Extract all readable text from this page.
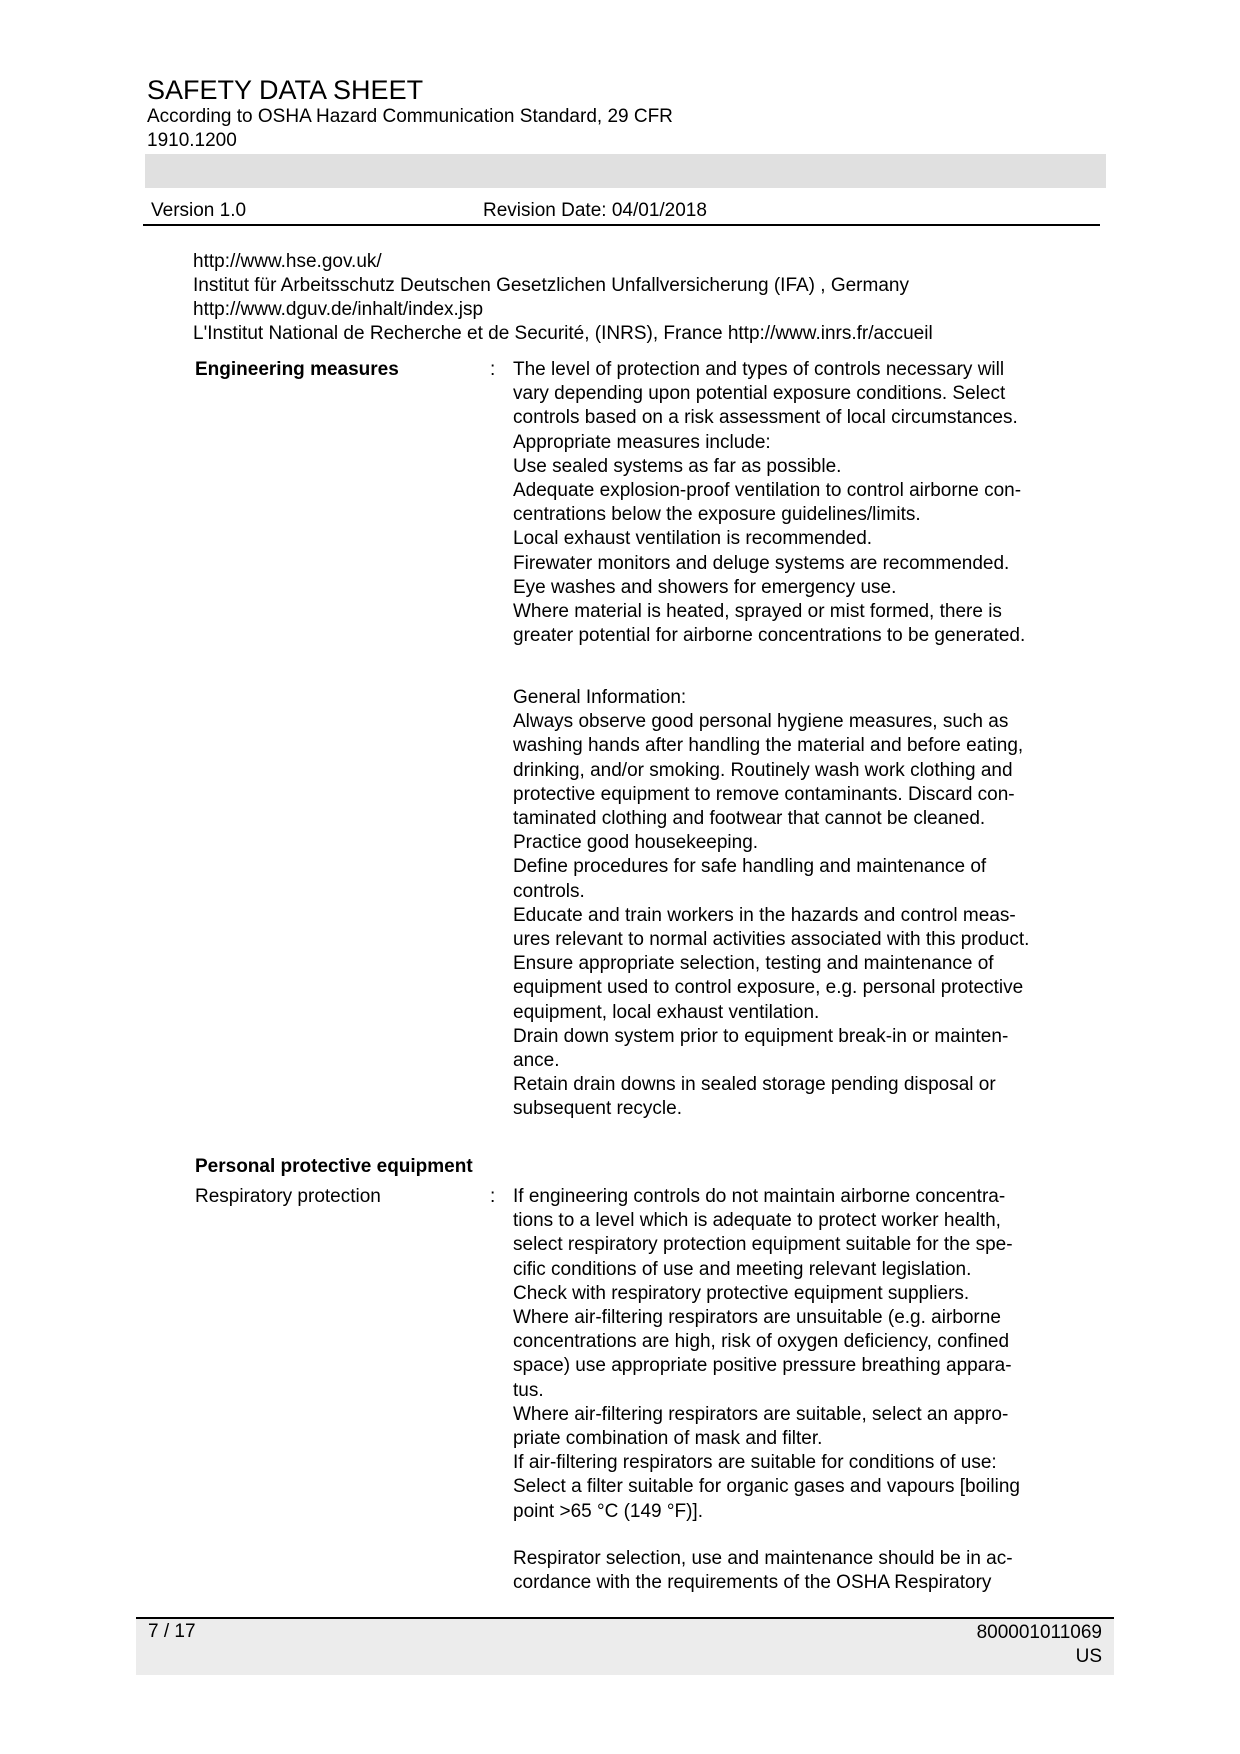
SAFETY DATA SHEET
According to OSHA Hazard Communication Standard, 29 CFR
1910.1200
Version 1.0	Revision Date: 04/01/2018
http://www.hse.gov.uk/
Institut für Arbeitsschutz Deutschen Gesetzlichen Unfallversicherung (IFA) , Germany
http://www.dguv.de/inhalt/index.jsp
L'Institut National de Recherche et de Securité, (INRS), France http://www.inrs.fr/accueil
Engineering measures	: The level of protection and types of controls necessary will
vary depending upon potential exposure conditions. Select
controls based on a risk assessment of local circumstances.
Appropriate measures include:
Use sealed systems as far as possible.
Adequate explosion-proof ventilation to control airborne con-
centrations below the exposure guidelines/limits.
Local exhaust ventilation is recommended.
Firewater monitors and deluge systems are recommended.
Eye washes and showers for emergency use.
Where material is heated, sprayed or mist formed, there is
greater potential for airborne concentrations to be generated.
General Information:
Always observe good personal hygiene measures, such as
washing hands after handling the material and before eating,
drinking, and/or smoking. Routinely wash work clothing and
protective equipment to remove contaminants. Discard con-
taminated clothing and footwear that cannot be cleaned.
Practice good housekeeping.
Define procedures for safe handling and maintenance of
controls.
Educate and train workers in the hazards and control meas-
ures relevant to normal activities associated with this product.
Ensure appropriate selection, testing and maintenance of
equipment used to control exposure, e.g. personal protective
equipment, local exhaust ventilation.
Drain down system prior to equipment break-in or mainten-
ance.
Retain drain downs in sealed storage pending disposal or
subsequent recycle.
Personal protective equipment
Respiratory protection	: If engineering controls do not maintain airborne concentra-
tions to a level which is adequate to protect worker health,
select respiratory protection equipment suitable for the spe-
cific conditions of use and meeting relevant legislation.
Check with respiratory protective equipment suppliers.
Where air-filtering respirators are unsuitable (e.g. airborne
concentrations are high, risk of oxygen deficiency, confined
space) use appropriate positive pressure breathing appara-
tus.
Where air-filtering respirators are suitable, select an appro-
priate combination of mask and filter.
If air-filtering respirators are suitable for conditions of use:
Select a filter suitable for organic gases and vapours [boiling
point >65 °C (149 °F)].
Respirator selection, use and maintenance should be in ac-
cordance with the requirements of the OSHA Respiratory
7 / 17	800001011069
US
